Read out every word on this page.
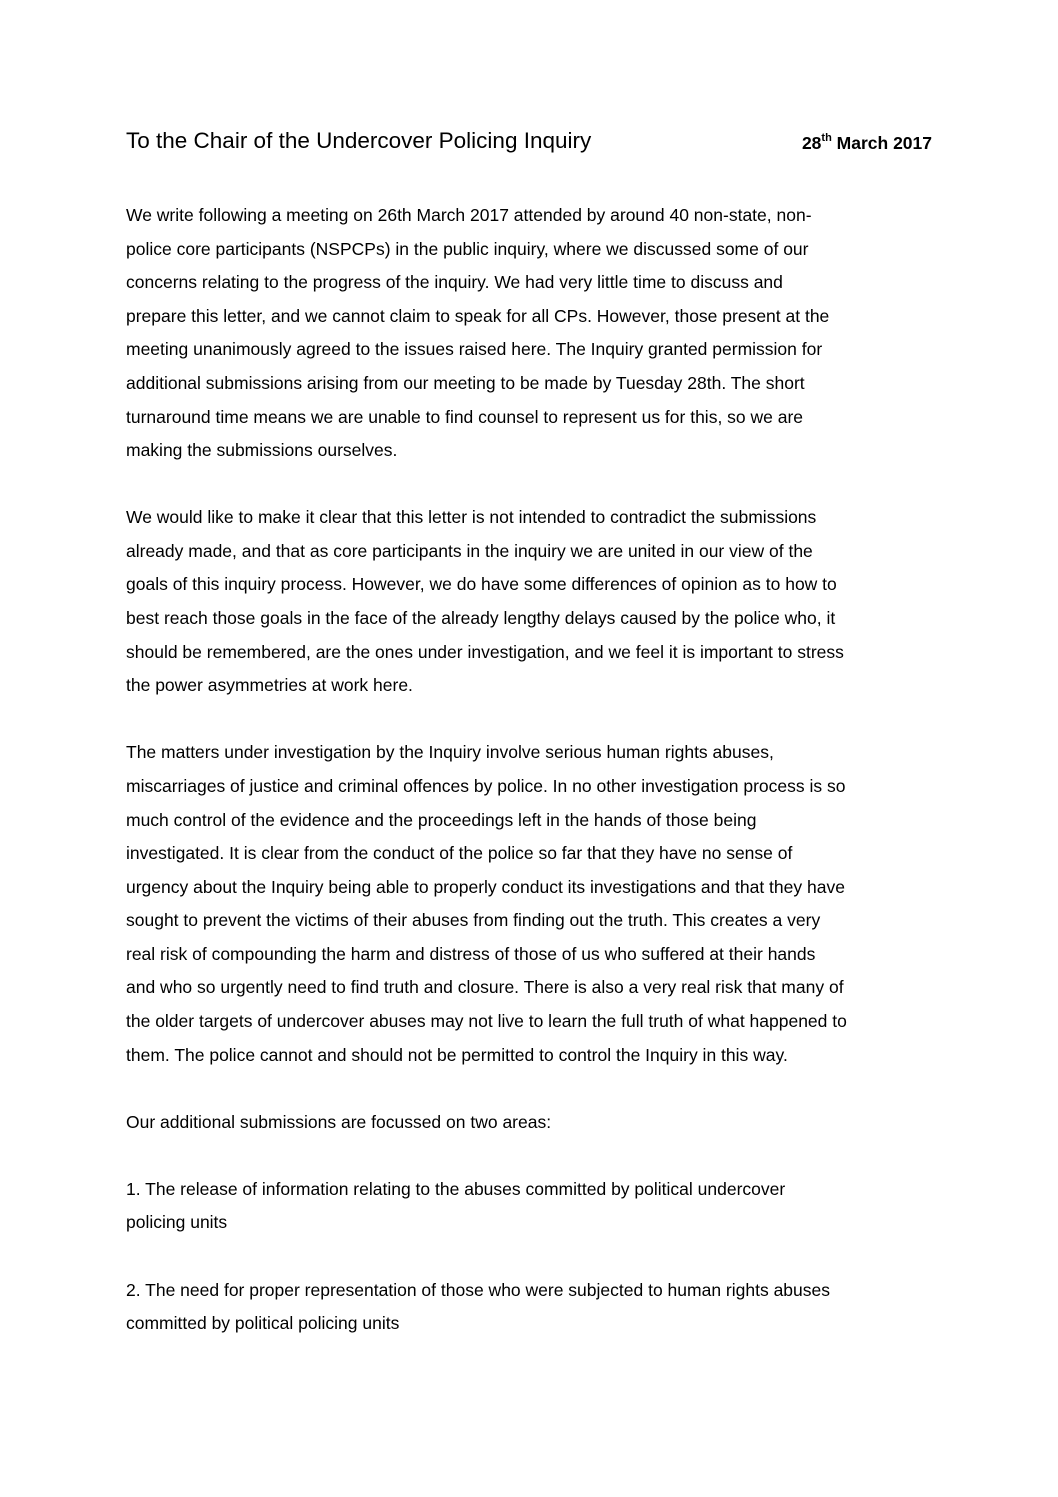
To the Chair of the Undercover Policing Inquiry	28th March 2017

We write following a meeting on 26th March 2017 attended by around 40 non-state, non-
police core participants (NSPCPs) in the public inquiry, where we discussed some of our
concerns relating to the progress of the inquiry. We had very little time to discuss and
prepare this letter, and we cannot claim to speak for all CPs. However, those present at the
meeting unanimously agreed to the issues raised here. The Inquiry granted permission for
additional submissions arising from our meeting to be made by Tuesday 28th. The short
turnaround time means we are unable to find counsel to represent us for this, so we are
making the submissions ourselves.

We would like to make it clear that this letter is not intended to contradict the submissions
already made, and that as core participants in the inquiry we are united in our view of the
goals of this inquiry process. However, we do have some differences of opinion as to how to
best reach those goals in the face of the already lengthy delays caused by the police who, it
should be remembered, are the ones under investigation, and we feel it is important to stress
the power asymmetries at work here.

The matters under investigation by the Inquiry involve serious human rights abuses,
miscarriages of justice and criminal offences by police. In no other investigation process is so
much control of the evidence and the proceedings left in the hands of those being
investigated. It is clear from the conduct of the police so far that they have no sense of
urgency about the Inquiry being able to properly conduct its investigations and that they have
sought to prevent the victims of their abuses from finding out the truth. This creates a very
real risk of compounding the harm and distress of those of us who suffered at their hands
and who so urgently need to find truth and closure. There is also a very real risk that many of
the older targets of undercover abuses may not live to learn the full truth of what happened to
them. The police cannot and should not be permitted to control the Inquiry in this way.

Our additional submissions are focussed on two areas:

1. The release of information relating to the abuses committed by political undercover
policing units

2. The need for proper representation of those who were subjected to human rights abuses
committed by political policing units
